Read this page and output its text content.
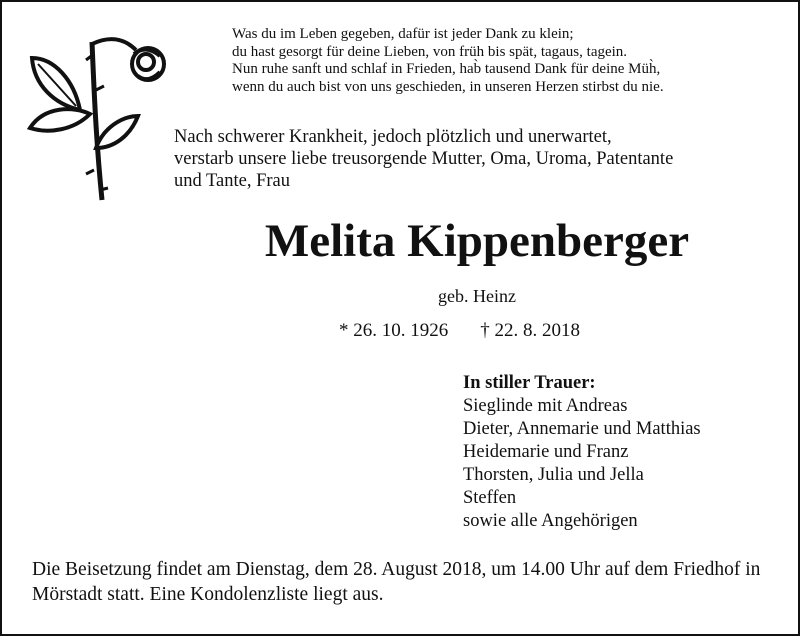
Was du im Leben gegeben, dafür ist jeder Dank zu klein;
du hast gesorgt für deine Lieben, von früh bis spät, tagaus, tagein.
Nun ruhe sanft und schlaf in Frieden, hab̀ tausend Dank für deine Müh̀,
wenn du auch bist von uns geschieden, in unseren Herzen stirbst du nie.
Nach schwerer Krankheit, jedoch plötzlich und unerwartet,
verstarb unsere liebe treusorgende Mutter, Oma, Uroma, Patentante
und Tante, Frau
Melita Kippenberger
geb. Heinz
* 26. 10. 1926 † 22. 8. 2018
In stiller Trauer:
Sieglinde mit Andreas
Dieter, Annemarie und Matthias
Heidemarie und Franz
Thorsten, Julia und Jella
Steffen
sowie alle Angehörigen
Die Beisetzung findet am Dienstag, dem 28. August 2018, um 14.00 Uhr auf dem Friedhof in Mörstadt statt. Eine Kondolenzliste liegt aus.
